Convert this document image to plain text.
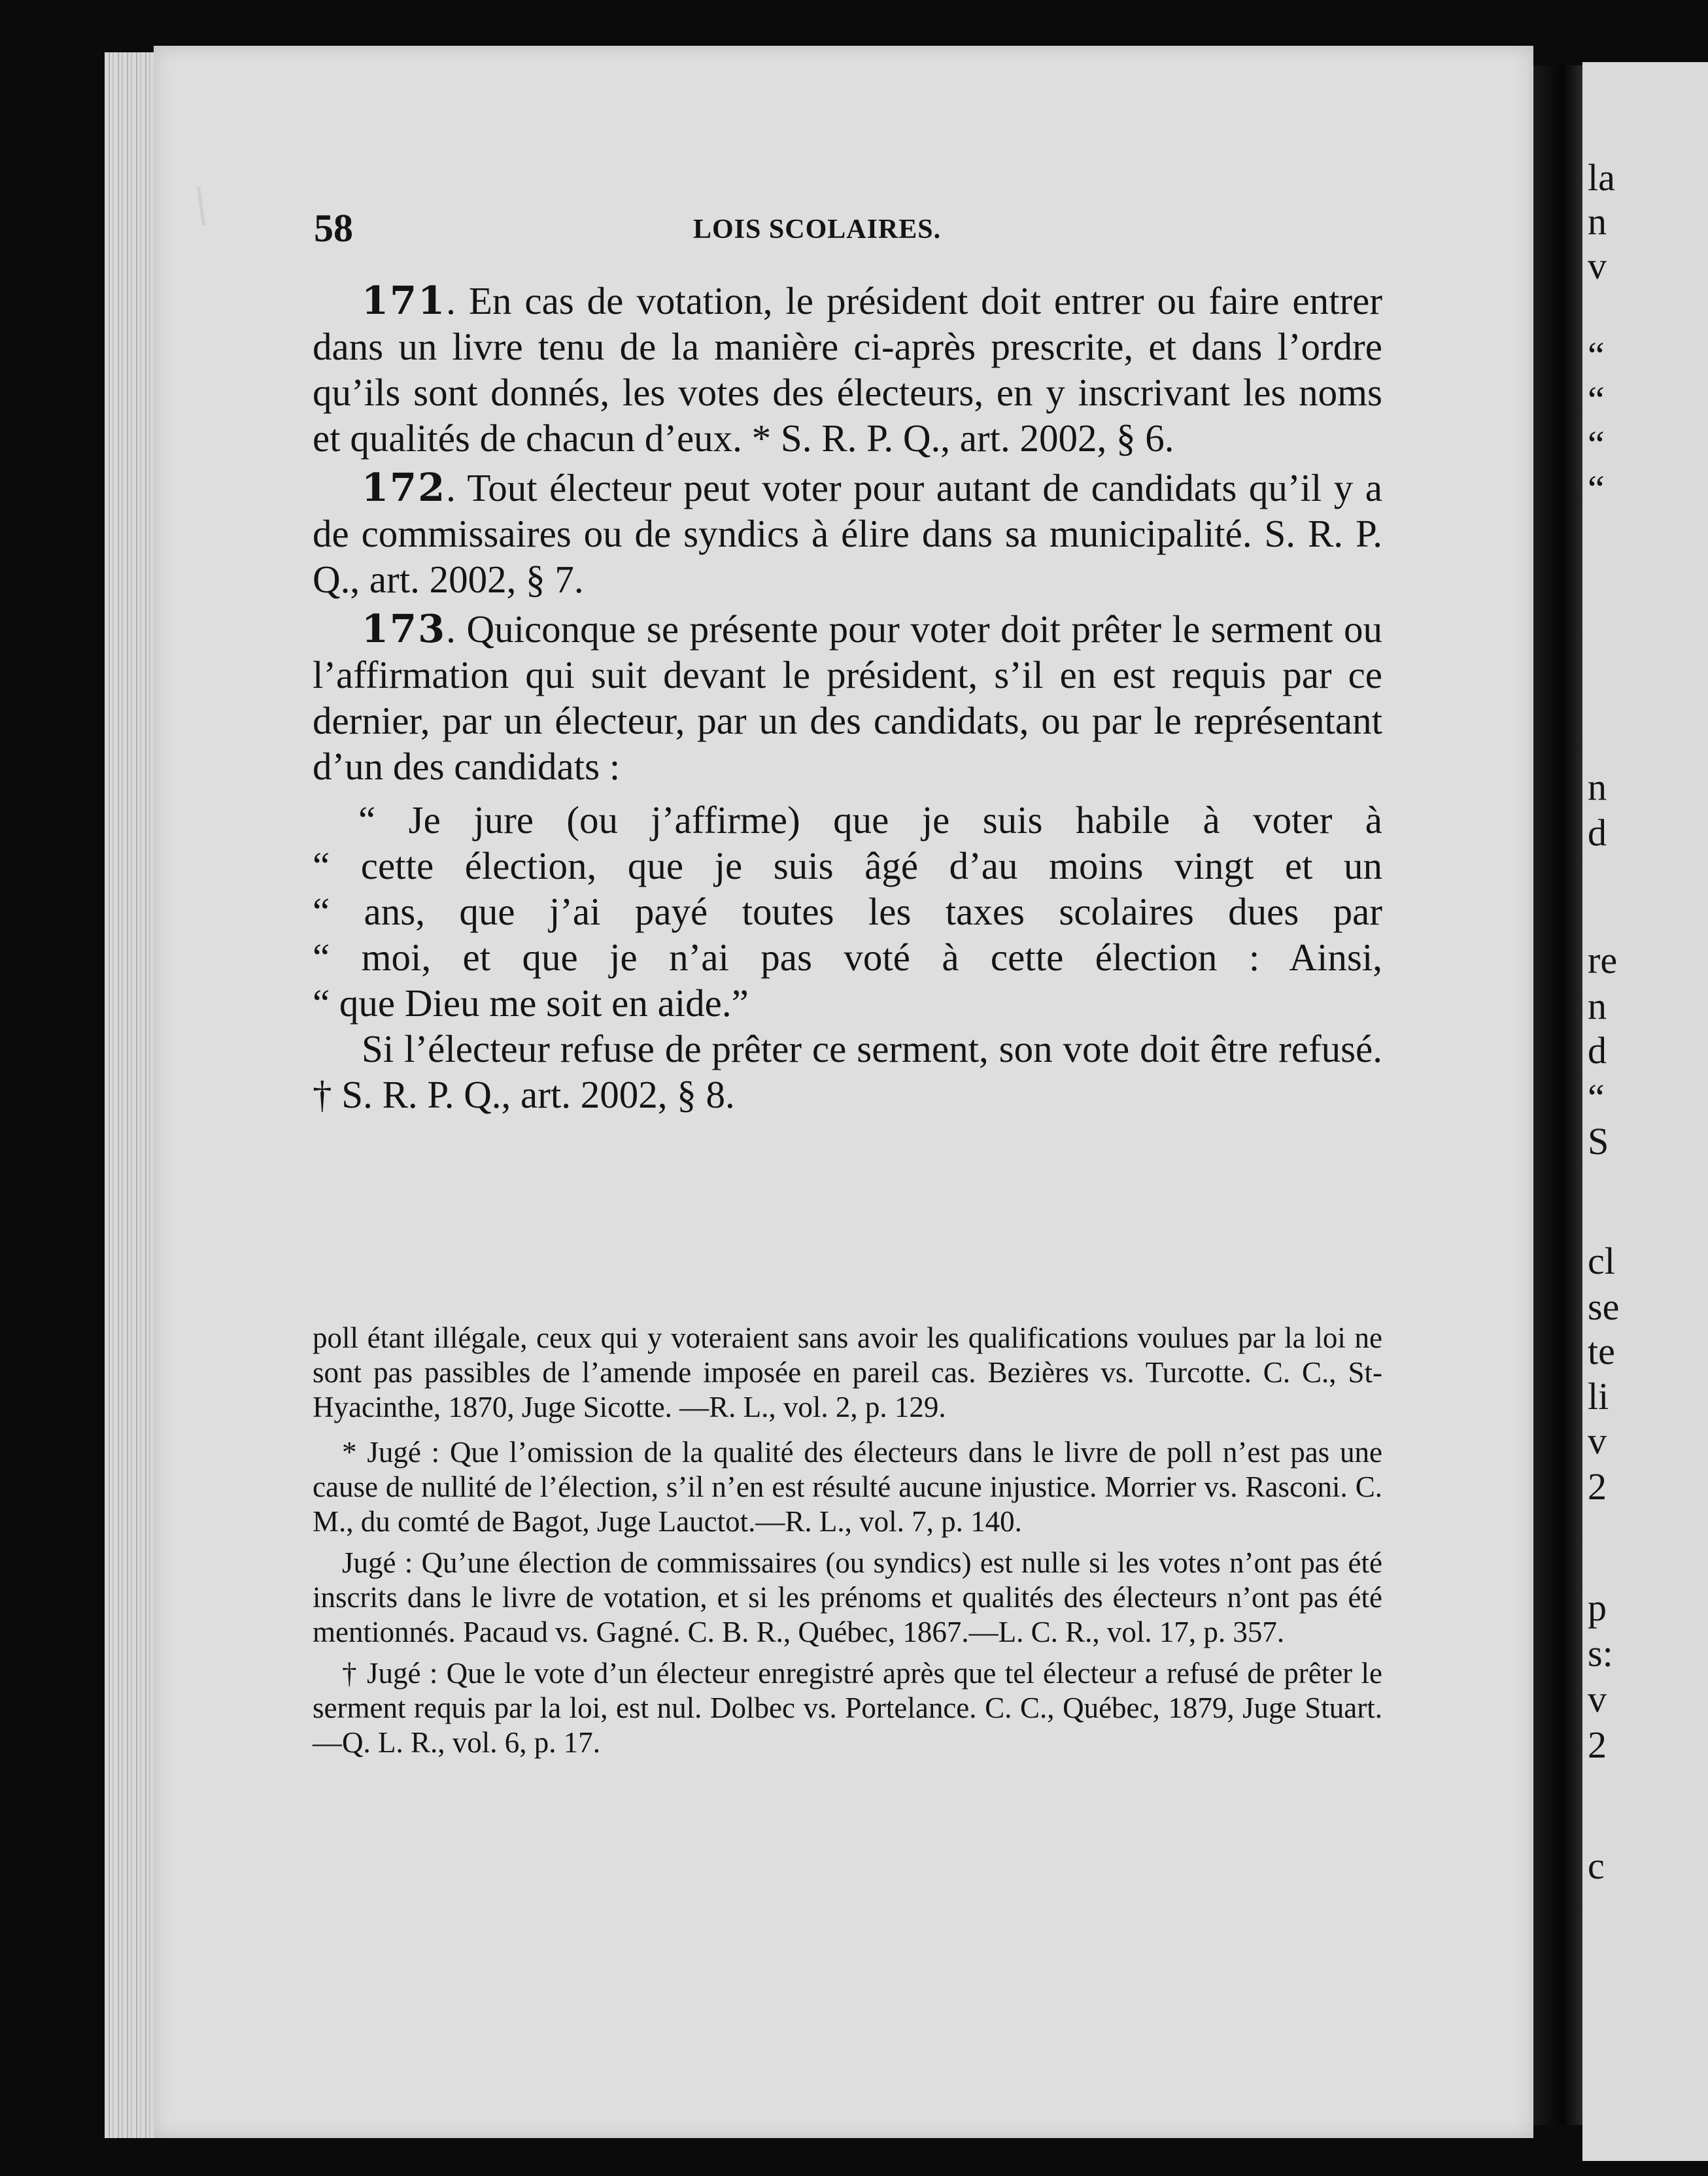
la
n
v
“
“
“
“
n
d
re
n
d
“
S
cl
se
te
li
v
2
p
s:
v
2
c
58	LOIS SCOLAIRES.

171. En cas de votation, le président doit entrer ou faire entrer dans un livre tenu de la manière ci-après prescrite, et dans l’ordre qu’ils sont donnés, les votes des électeurs, en y inscrivant les noms et qualités de chacun d’eux. * S. R. P. Q., art. 2002, § 6.

172. Tout électeur peut voter pour autant de candidats qu’il y a de commissaires ou de syndics à élire dans sa municipalité. S. R. P. Q., art. 2002, § 7.

173. Quiconque se présente pour voter doit prêter le serment ou l’affirmation qui suit devant le président, s’il en est requis par ce dernier, par un électeur, par un des candidats, ou par le représentant d’un des candidats :

“ Je jure (ou j’affirme) que je suis habile à voter à
“ cette élection, que je suis âgé d’au moins vingt et un
“ ans, que j’ai payé toutes les taxes scolaires dues par
“ moi, et que je n’ai pas voté à cette élection : Ainsi,
“ que Dieu me soit en aide.”

Si l’électeur refuse de prêter ce serment, son vote doit être refusé. † S. R. P. Q., art. 2002, § 8.

poll étant illégale, ceux qui y voteraient sans avoir les qualifications voulues par la loi ne sont pas passibles de l’amende imposée en pareil cas. Bezières vs. Turcotte. C. C., St-Hyacinthe, 1870, Juge Sicotte. —R. L., vol. 2, p. 129.

* Jugé : Que l’omission de la qualité des électeurs dans le livre de poll n’est pas une cause de nullité de l’élection, s’il n’en est résulté aucune injustice. Morrier vs. Rasconi. C. M., du comté de Bagot, Juge Lauctot.—R. L., vol. 7, p. 140.

Jugé : Qu’une élection de commissaires (ou syndics) est nulle si les votes n’ont pas été inscrits dans le livre de votation, et si les prénoms et qualités des électeurs n’ont pas été mentionnés. Pacaud vs. Gagné. C. B. R., Québec, 1867.—L. C. R., vol. 17, p. 357.

† Jugé : Que le vote d’un électeur enregistré après que tel électeur a refusé de prêter le serment requis par la loi, est nul. Dolbec vs. Portelance. C. C., Québec, 1879, Juge Stuart.—Q. L. R., vol. 6, p. 17.
